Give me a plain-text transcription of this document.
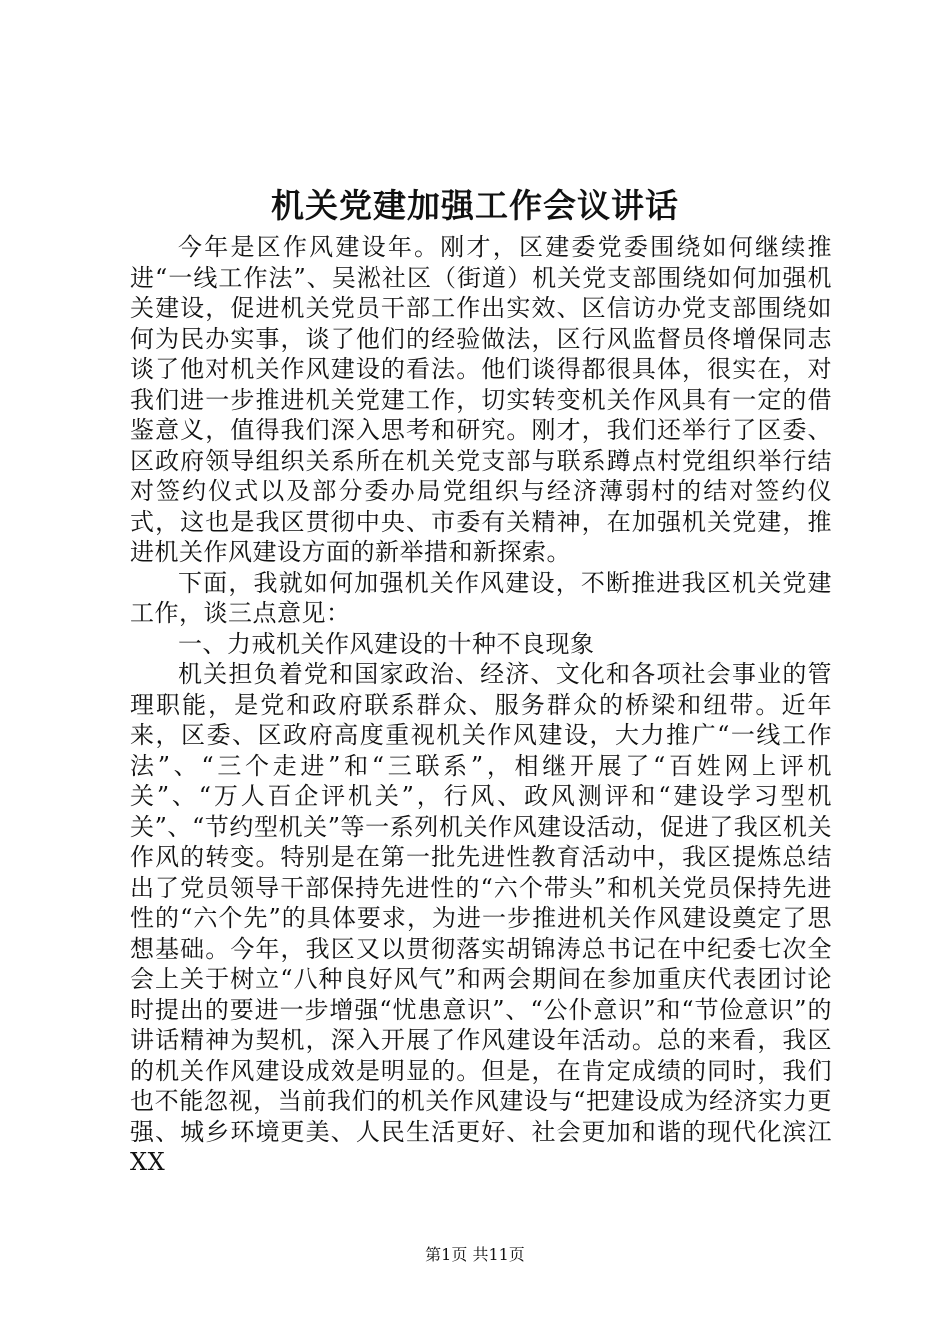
机关党建加强工作会议讲话

今年是区作风建设年。刚才，区建委党委围绕如何继续推进“一线工作法”、吴淞社区（街道）机关党支部围绕如何加强机关建设，促进机关党员干部工作出实效、区信访办党支部围绕如何为民办实事，谈了他们的经验做法，区行风监督员佟增保同志谈了他对机关作风建设的看法。他们谈得都很具体，很实在，对我们进一步推进机关党建工作，切实转变机关作风具有一定的借鉴意义，值得我们深入思考和研究。刚才，我们还举行了区委、区政府领导组织关系所在机关党支部与联系蹲点村党组织举行结对签约仪式以及部分委办局党组织与经济薄弱村的结对签约仪式，这也是我区贯彻中央、市委有关精神，在加强机关党建，推进机关作风建设方面的新举措和新探索。

下面，我就如何加强机关作风建设，不断推进我区机关党建工作，谈三点意见：

一、力戒机关作风建设的十种不良现象

机关担负着党和国家政治、经济、文化和各项社会事业的管理职能，是党和政府联系群众、服务群众的桥梁和纽带。近年来，区委、区政府高度重视机关作风建设，大力推广“一线工作法”、“三个走进”和“三联系”，相继开展了“百姓网上评机关”、“万人百企评机关”，行风、政风测评和“建设学习型机关”、“节约型机关”等一系列机关作风建设活动，促进了我区机关作风的转变。特别是在第一批先进性教育活动中，我区提炼总结出了党员领导干部保持先进性的“六个带头”和机关党员保持先进性的“六个先”的具体要求，为进一步推进机关作风建设奠定了思想基础。今年，我区又以贯彻落实胡锦涛总书记在中纪委七次全会上关于树立“八种良好风气”和两会期间在参加重庆代表团讨论时提出的要进一步增强“忧患意识”、“公仆意识”和“节俭意识”的讲话精神为契机，深入开展了作风建设年活动。总的来看，我区的机关作风建设成效是明显的。但是，在肯定成绩的同时，我们也不能忽视，当前我们的机关作风建设与“把建设成为经济实力更强、城乡环境更美、人民生活更好、社会更加和谐的现代化滨江XX

第1页 共11页
